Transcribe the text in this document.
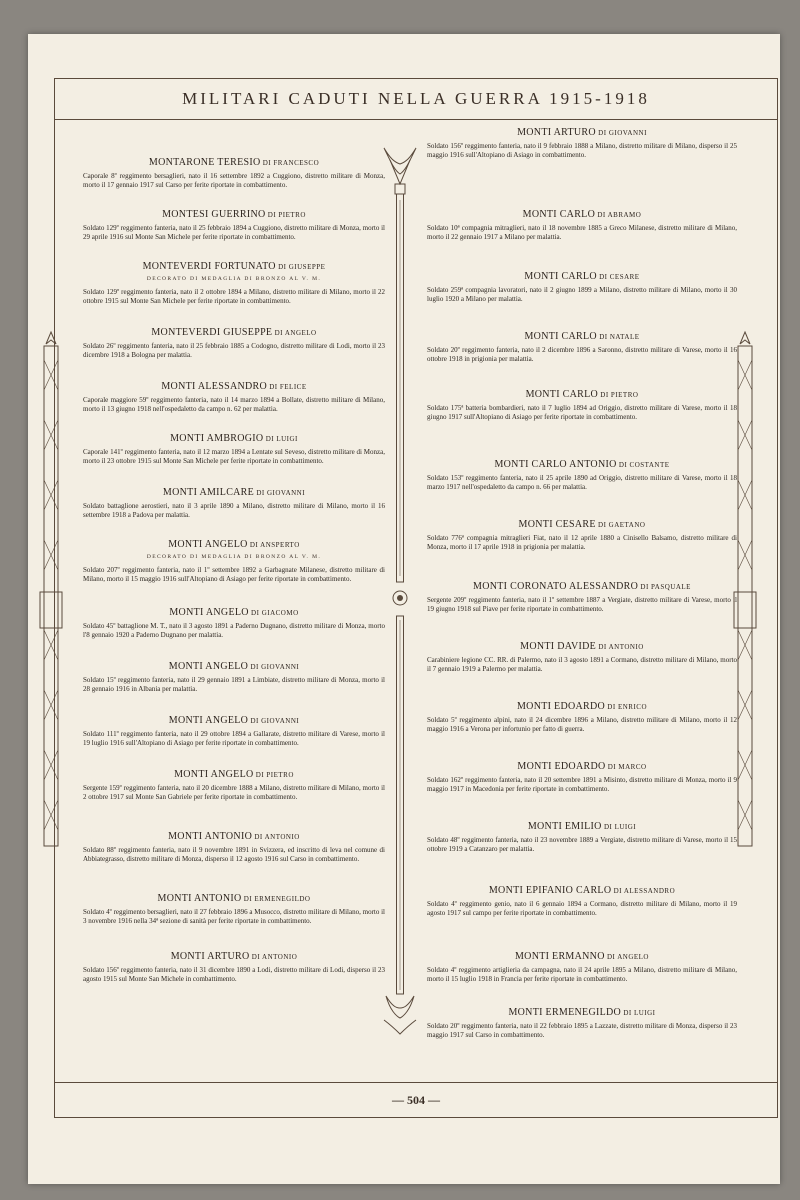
MILITARI CADUTI NELLA GUERRA 1915-1918
MONTARONE TERESIO DI FRANCESCO
Caporale 8º reggimento bersaglieri, nato il 16 settembre 1892 a Cuggiono, distretto militare di Monza, morto il 17 gennaio 1917 sul Carso per ferite riportate in combattimento.
MONTESI GUERRINO DI PIETRO
Soldato 129º reggimento fanteria, nato il 25 febbraio 1894 a Cuggiono, distretto militare di Monza, morto il 29 aprile 1916 sul Monte San Michele per ferite riportate in combattimento.
MONTEVERDI FORTUNATO DI GIUSEPPE
DECORATO DI MEDAGLIA DI BRONZO AL V. M.
Soldato 129º reggimento fanteria, nato il 2 ottobre 1894 a Milano, distretto militare di Milano, morto il 22 ottobre 1915 sul Monte San Michele per ferite riportate in combattimento.
MONTEVERDI GIUSEPPE DI ANGELO
Soldato 26º reggimento fanteria, nato il 25 febbraio 1885 a Codogno, distretto militare di Lodi, morto il 23 dicembre 1918 a Bologna per malattia.
MONTI ALESSANDRO DI FELICE
Caporale maggiore 59º reggimento fanteria, nato il 14 marzo 1894 a Bollate, distretto militare di Milano, morto il 13 giugno 1918 nell'ospedaletto da campo n. 62 per malattia.
MONTI AMBROGIO DI LUIGI
Caporale 141º reggimento fanteria, nato il 12 marzo 1894 a Lentate sul Seveso, distretto militare di Monza, morto il 23 ottobre 1915 sul Monte San Michele per ferite riportate in combattimento.
MONTI AMILCARE DI GIOVANNI
Soldato battaglione aerostieri, nato il 3 aprile 1890 a Milano, distretto militare di Milano, morto il 16 settembre 1918 a Padova per malattia.
MONTI ANGELO DI ANSPERTO
DECORATO DI MEDAGLIA DI BRONZO AL V. M.
Soldato 207º reggimento fanteria, nato il 1º settembre 1892 a Garbagnate Milanese, distretto militare di Milano, morto il 15 maggio 1916 sull'Altopiano di Asiago per ferite riportate in combattimento.
MONTI ANGELO DI GIACOMO
Soldato 45º battaglione M. T., nato il 3 agosto 1891 a Paderno Dugnano, distretto militare di Monza, morto l'8 gennaio 1920 a Paderno Dugnano per malattia.
MONTI ANGELO DI GIOVANNI
Soldato 15º reggimento fanteria, nato il 29 gennaio 1891 a Limbiate, distretto militare di Monza, morto il 28 gennaio 1916 in Albania per malattia.
MONTI ANGELO DI GIOVANNI
Soldato 111º reggimento fanteria, nato il 29 ottobre 1894 a Gallarate, distretto militare di Varese, morto il 19 luglio 1916 sull'Altopiano di Asiago per ferite riportate in combattimento.
MONTI ANGELO DI PIETRO
Sergente 159º reggimento fanteria, nato il 20 dicembre 1888 a Milano, distretto militare di Milano, morto il 2 ottobre 1917 sul Monte San Gabriele per ferite riportate in combattimento.
MONTI ANTONIO DI ANTONIO
Soldato 88º reggimento fanteria, nato il 9 novembre 1891 in Svizzera, ed inscritto di leva nel comune di Abbiategrasso, distretto militare di Monza, disperso il 12 agosto 1916 sul Carso in combattimento.
MONTI ANTONIO DI ERMENEGILDO
Soldato 4º reggimento bersaglieri, nato il 27 febbraio 1896 a Musocco, distretto militare di Milano, morto il 3 novembre 1916 nella 34ª sezione di sanità per ferite riportate in combattimento.
MONTI ARTURO DI ANTONIO
Soldato 156º reggimento fanteria, nato il 31 dicembre 1890 a Lodi, distretto militare di Lodi, disperso il 23 agosto 1915 sul Monte San Michele in combattimento.
MONTI ARTURO DI GIOVANNI
Soldato 156º reggimento fanteria, nato il 9 febbraio 1888 a Milano, distretto militare di Milano, disperso il 25 maggio 1916 sull'Altopiano di Asiago in combattimento.
MONTI CARLO DI ABRAMO
Soldato 10ª compagnia mitraglieri, nato il 18 novembre 1885 a Greco Milanese, distretto militare di Milano, morto il 22 gennaio 1917 a Milano per malattia.
MONTI CARLO DI CESARE
Soldato 259ª compagnia lavoratori, nato il 2 giugno 1899 a Milano, distretto militare di Milano, morto il 30 luglio 1920 a Milano per malattia.
MONTI CARLO DI NATALE
Soldato 20º reggimento fanteria, nato il 2 dicembre 1896 a Saronno, distretto militare di Varese, morto il 16 ottobre 1918 in prigionia per malattia.
MONTI CARLO DI PIETRO
Soldato 175ª batteria bombardieri, nato il 7 luglio 1894 ad Origgio, distretto militare di Varese, morto il 18 giugno 1917 sull'Altopiano di Asiago per ferite riportate in combattimento.
MONTI CARLO ANTONIO DI COSTANTE
Soldato 153º reggimento fanteria, nato il 25 aprile 1890 ad Origgio, distretto militare di Varese, morto il 18 marzo 1917 nell'ospedaletto da campo n. 66 per malattia.
MONTI CESARE DI GAETANO
Soldato 776ª compagnia mitraglieri Fiat, nato il 12 aprile 1880 a Cinisello Balsamo, distretto militare di Monza, morto il 17 aprile 1918 in prigionia per malattia.
MONTI CORONATO ALESSANDRO DI PASQUALE
Sergente 209º reggimento fanteria, nato il 1º settembre 1887 a Vergiate, distretto militare di Varese, morto il 19 giugno 1918 sul Piave per ferite riportate in combattimento.
MONTI DAVIDE DI ANTONIO
Carabiniere legione CC. RR. di Palermo, nato il 3 agosto 1891 a Cormano, distretto militare di Milano, morto il 7 gennaio 1919 a Palermo per malattia.
MONTI EDOARDO DI ENRICO
Soldato 5º reggimento alpini, nato il 24 dicembre 1896 a Milano, distretto militare di Milano, morto il 12 maggio 1916 a Verona per infortunio per fatto di guerra.
MONTI EDOARDO DI MARCO
Soldato 162º reggimento fanteria, nato il 20 settembre 1891 a Misinto, distretto militare di Monza, morto il 9 maggio 1917 in Macedonia per ferite riportate in combattimento.
MONTI EMILIO DI LUIGI
Soldato 48º reggimento fanteria, nato il 23 novembre 1889 a Vergiate, distretto militare di Varese, morto il 15 ottobre 1919 a Catanzaro per malattia.
MONTI EPIFANIO CARLO DI ALESSANDRO
Soldato 4º reggimento genio, nato il 6 gennaio 1894 a Cormano, distretto militare di Milano, morto il 19 agosto 1917 sul campo per ferite riportate in combattimento.
MONTI ERMANNO DI ANGELO
Soldato 4º reggimento artiglieria da campagna, nato il 24 aprile 1895 a Milano, distretto militare di Milano, morto il 15 luglio 1918 in Francia per ferite riportate in combattimento.
MONTI ERMENEGILDO DI LUIGI
Soldato 20º reggimento fanteria, nato il 22 febbraio 1895 a Lazzate, distretto militare di Monza, disperso il 23 maggio 1917 sul Carso in combattimento.
— 504 —
